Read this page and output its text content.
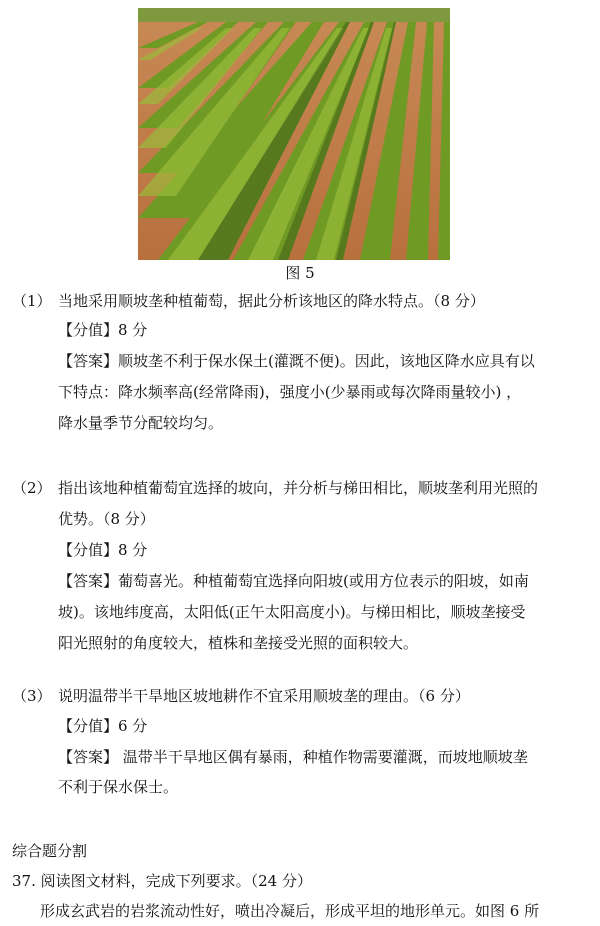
图 5
（1） 当地采用顺坡垄种植葡萄，据此分析该地区的降水特点。（8 分）
【分值】8 分
【答案】顺坡垄不利于保水保土(灌溉不便)。因此，该地区降水应具有以
下特点：降水频率高(经常降雨)，强度小(少暴雨或每次降雨量较小) ，
降水量季节分配较均匀。
（2） 指出该地种植葡萄宜选择的坡向，并分析与梯田相比，顺坡垄利用光照的
优势。（8 分）
【分值】8 分
【答案】葡萄喜光。种植葡萄宜选择向阳坡(或用方位表示的阳坡，如南
坡)。该地纬度高，太阳低(正午太阳高度小)。与梯田相比，顺坡垄接受
阳光照射的角度较大，植株和垄接受光照的面积较大。
（3） 说明温带半干旱地区坡地耕作不宜采用顺坡垄的理由。（6 分）
【分值】6 分
【答案】 温带半干旱地区偶有暴雨，种植作物需要灌溉，而坡地顺坡垄
不利于保水保士。
综合题分割
37. 阅读图文材料，完成下列要求。（24 分）
形成玄武岩的岩浆流动性好，喷出冷凝后，形成平坦的地形单元。如图 6 所
